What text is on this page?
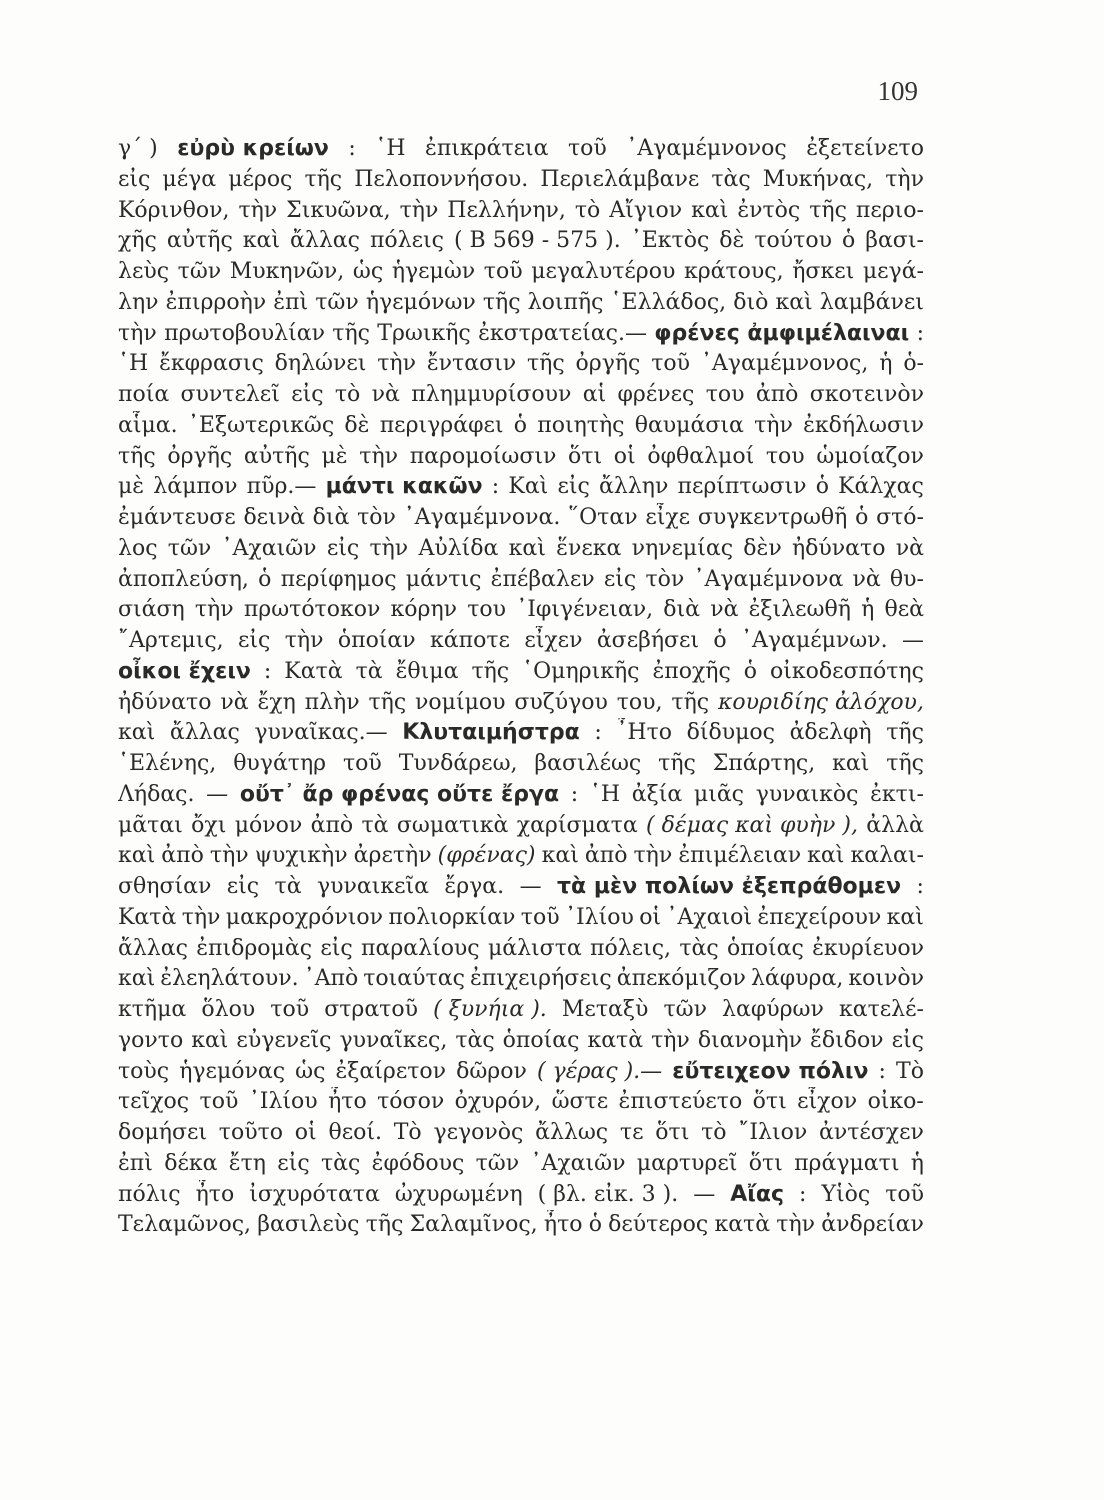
109
γ΄ ) εὐρὺ κρείων : ῾Η ἐπικράτεια τοῦ ᾿Αγαμέμνονος ἐξετείνετο
εἰς μέγα μέρος τῆς Πελοποννήσου. Περιελάμβανε τὰς Μυκήνας, τὴν
Κόρινθον, τὴν Σικυῶνα, τὴν Πελλήνην, τὸ Αἴγιον καὶ ἐντὸς τῆς περιο-
χῆς αὐτῆς καὶ ἄλλας πόλεις ( Β 569 - 575 ). ᾿Εκτὸς δὲ τούτου ὁ βασι-
λεὺς τῶν Μυκηνῶν, ὡς ἡγεμὼν τοῦ μεγαλυτέρου κράτους, ἤσκει μεγά-
λην ἐπιρροὴν ἐπὶ τῶν ἡγεμόνων τῆς λοιπῆς ῾Ελλάδος, διὸ καὶ λαμβάνει
τὴν πρωτοβουλίαν τῆς Τρωικῆς ἐκστρατείας.— φρένες ἀμφιμέλαιναι :
῾Η ἔκφρασις δηλώνει τὴν ἔντασιν τῆς ὀργῆς τοῦ ᾿Αγαμέμνονος, ἡ ὁ-
ποία συντελεῖ εἰς τὸ νὰ πλημμυρίσουν αἱ φρένες του ἀπὸ σκοτεινὸν
αἷμα. ᾿Εξωτερικῶς δὲ περιγράφει ὁ ποιητὴς θαυμάσια τὴν ἐκδήλωσιν
τῆς ὀργῆς αὐτῆς μὲ τὴν παρομοίωσιν ὅτι οἱ ὀφθαλμοί του ὡμοίαζον
μὲ λάμπον πῦρ.— μάντι κακῶν : Καὶ εἰς ἄλλην περίπτωσιν ὁ Κάλχας
ἐμάντευσε δεινὰ διὰ τὸν ᾿Αγαμέμνονα. ῞Οταν εἶχε συγκεντρωθῆ ὁ στό-
λος τῶν ᾿Αχαιῶν εἰς τὴν Αὐλίδα καὶ ἕνεκα νηνεμίας δὲν ἠδύνατο νὰ
ἀποπλεύση, ὁ περίφημος μάντις ἐπέβαλεν εἰς τὸν ᾿Αγαμέμνονα νὰ θυ-
σιάση τὴν πρωτότοκον κόρην του ᾿Ιφιγένειαν, διὰ νὰ ἐξιλεωθῆ ἡ θεὰ
῎Αρτεμις, εἰς τὴν ὁποίαν κάποτε εἶχεν ἀσεβήσει ὁ ᾿Αγαμέμνων. —
οἶκοι ἔχειν : Κατὰ τὰ ἔθιμα τῆς ῾Ομηρικῆς ἐποχῆς ὁ οἰκοδεσπότης
ἠδύνατο νὰ ἔχη πλὴν τῆς νομίμου συζύγου του, τῆς κουριδίης ἀλόχου,
καὶ ἄλλας γυναῖκας.— Κλυταιμήστρα : ῏Ητο δίδυμος ἀδελφὴ τῆς
῾Ελένης, θυγάτηρ τοῦ Τυνδάρεω, βασιλέως τῆς Σπάρτης, καὶ τῆς
Λήδας. — οὔτ᾿ ἄρ φρένας οὔτε ἔργα : ῾Η ἀξία μιᾶς γυναικὸς ἐκτι-
μᾶται ὄχι μόνον ἀπὸ τὰ σωματικὰ χαρίσματα ( δέμας καὶ φυὴν ), ἀλλὰ
καὶ ἀπὸ τὴν ψυχικὴν ἀρετὴν (φρένας) καὶ ἀπὸ τὴν ἐπιμέλειαν καὶ καλαι-
σθησίαν εἰς τὰ γυναικεῖα ἔργα. — τὰ μὲν πολίων ἐξεπράθομεν :
Κατὰ τὴν μακροχρόνιον πολιορκίαν τοῦ ᾿Ιλίου οἱ ᾿Αχαιοὶ ἐπεχείρουν καὶ
ἄλλας ἐπιδρομὰς εἰς παραλίους μάλιστα πόλεις, τὰς ὁποίας ἐκυρίευον
καὶ ἐλεηλάτουν. ᾿Απὸ τοιαύτας ἐπιχειρήσεις ἀπεκόμιζον λάφυρα, κοινὸν
κτῆμα ὅλου τοῦ στρατοῦ ( ξυνήια ). Μεταξὺ τῶν λαφύρων κατελέ-
γοντο καὶ εὐγενεῖς γυναῖκες, τὰς ὁποίας κατὰ τὴν διανομὴν ἔδιδον εἰς
τοὺς ἡγεμόνας ὡς ἐξαίρετον δῶρον ( γέρας ).— εὔτειχεον πόλιν : Τὸ
τεῖχος τοῦ ᾿Ιλίου ἦτο τόσον ὀχυρόν, ὥστε ἐπιστεύετο ὅτι εἶχον οἰκο-
δομήσει τοῦτο οἱ θεοί. Τὸ γεγονὸς ἄλλως τε ὅτι τὸ ῎Ιλιον ἀντέσχεν
ἐπὶ δέκα ἔτη εἰς τὰς ἐφόδους τῶν ᾿Αχαιῶν μαρτυρεῖ ὅτι πράγματι ἡ
πόλις ἦτο ἰσχυρότατα ὠχυρωμένη ( βλ. εἰκ. 3 ). — Αἴας : Υἱὸς τοῦ
Τελαμῶνος, βασιλεὺς τῆς Σαλαμῖνος, ἦτο ὁ δεύτερος κατὰ τὴν ἀνδρείαν
